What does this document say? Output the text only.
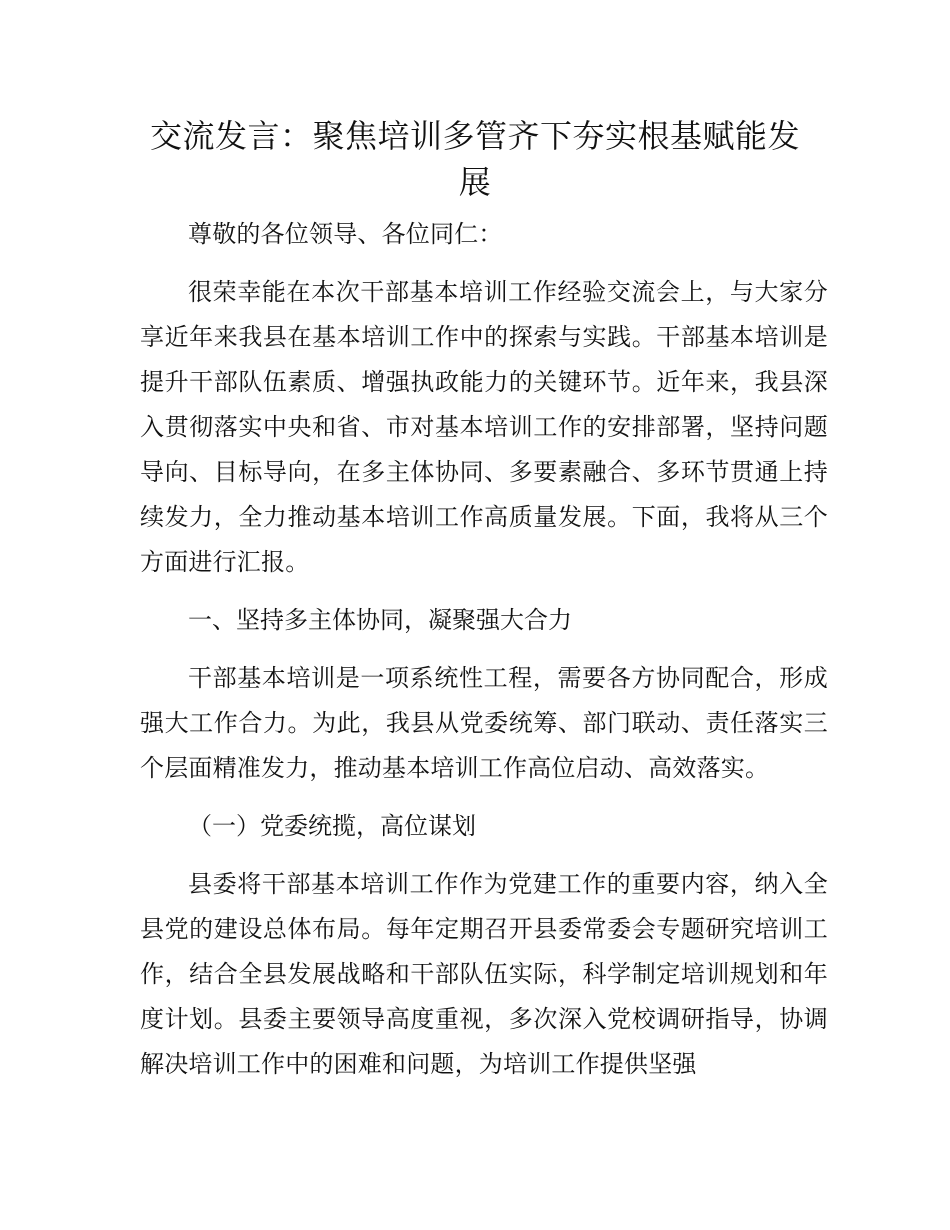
交流发言：聚焦培训多管齐下夯实根基赋能发展

尊敬的各位领导、各位同仁：

很荣幸能在本次干部基本培训工作经验交流会上，与大家分享近年来我县在基本培训工作中的探索与实践。干部基本培训是提升干部队伍素质、增强执政能力的关键环节。近年来，我县深入贯彻落实中央和省、市对基本培训工作的安排部署，坚持问题导向、目标导向，在多主体协同、多要素融合、多环节贯通上持续发力，全力推动基本培训工作高质量发展。下面，我将从三个方面进行汇报。

一、坚持多主体协同，凝聚强大合力

干部基本培训是一项系统性工程，需要各方协同配合，形成强大工作合力。为此，我县从党委统筹、部门联动、责任落实三个层面精准发力，推动基本培训工作高位启动、高效落实。

（一）党委统揽，高位谋划

县委将干部基本培训工作作为党建工作的重要内容，纳入全县党的建设总体布局。每年定期召开县委常委会专题研究培训工作，结合全县发展战略和干部队伍实际，科学制定培训规划和年度计划。县委主要领导高度重视，多次深入党校调研指导，协调解决培训工作中的困难和问题，为培训工作提供坚强
